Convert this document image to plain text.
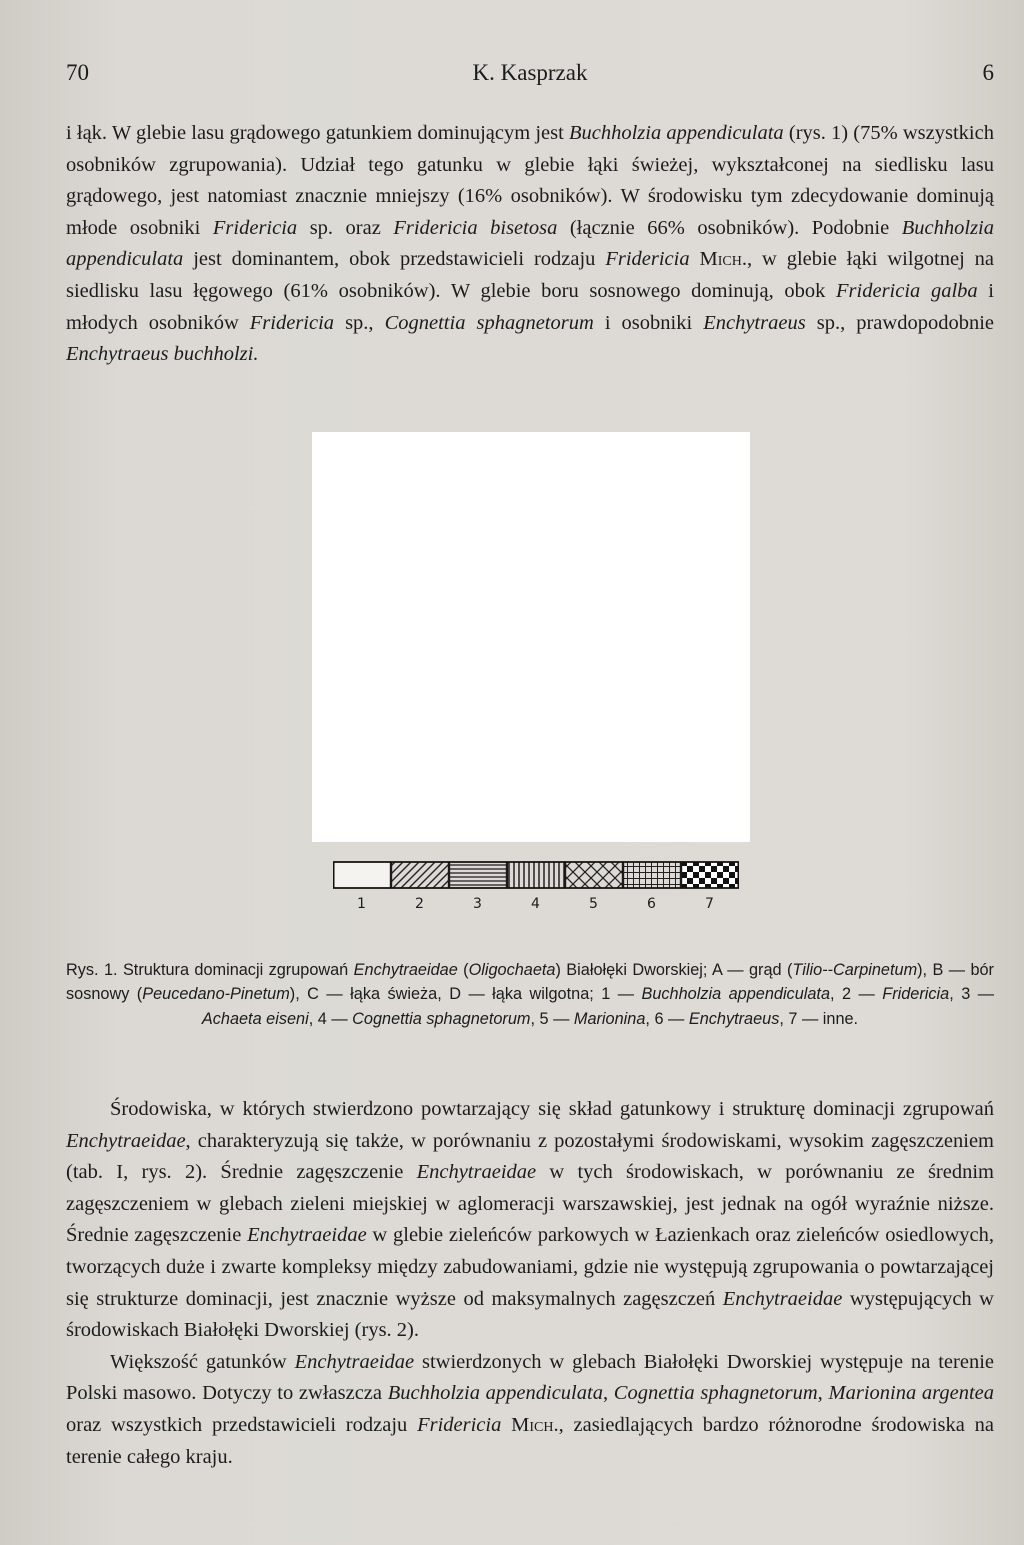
70	K. Kasprzak	6

i łąk. W glebie lasu grądowego gatunkiem dominującym jest Buchholzia appendiculata (rys. 1) (75% wszystkich osobników zgrupowania). Udział tego gatunku w glebie łąki świeżej, wykształconej na siedlisku lasu grądowego, jest natomiast znacznie mniejszy (16% osobników). W środowisku tym zdecydowanie dominują młode osobniki Fridericia sp. oraz Fridericia bisetosa (łącznie 66% osobników). Podobnie Buchholzia appendiculata jest dominantem, obok przedstawicieli rodzaju Fridericia Mich., w glebie łąki wilgotnej na siedlisku lasu łęgowego (61% osobników). W glebie boru sosnowego dominują, obok Fridericia galba i młodych osobników Fridericia sp., Cognettia sphagnetorum i osobniki Enchytraeus sp., prawdopodobnie Enchytraeus buchholzi.

1	2	3	4	5	6	7
Rys. 1. Struktura dominacji zgrupowań Enchytraeidae (Oligochaeta) Białołęki Dworskiej; A — grąd (Tilio--Carpinetum), B — bór sosnowy (Peucedano-Pinetum), C — łąka świeża, D — łąka wilgotna; 1 — Buchholzia appendiculata, 2 — Fridericia, 3 — Achaeta eiseni, 4 — Cognettia sphagnetorum, 5 — Marionina, 6 — Enchytraeus, 7 — inne.

Środowiska, w których stwierdzono powtarzający się skład gatunkowy i strukturę dominacji zgrupowań Enchytraeidae, charakteryzują się także, w porównaniu z pozostałymi środowiskami, wysokim zagęszczeniem (tab. I, rys. 2). Średnie zagęszczenie Enchytraeidae w tych środowiskach, w porównaniu ze średnim zagęszczeniem w glebach zieleni miejskiej w aglomeracji warszawskiej, jest jednak na ogół wyraźnie niższe. Średnie zagęszczenie Enchytraeidae w glebie zieleńców parkowych w Łazienkach oraz zieleńców osiedlowych, tworzących duże i zwarte kompleksy między zabudowaniami, gdzie nie występują zgrupowania o powtarzającej się strukturze dominacji, jest znacznie wyższe od maksymalnych zagęszczeń Enchytraeidae występujących w środowiskach Białołęki Dworskiej (rys. 2).

Większość gatunków Enchytraeidae stwierdzonych w glebach Białołęki Dworskiej występuje na terenie Polski masowo. Dotyczy to zwłaszcza Buchholzia appendiculata, Cognettia sphagnetorum, Marionina argentea oraz wszystkich przedstawicieli rodzaju Fridericia Mich., zasiedlających bardzo różnorodne środowiska na terenie całego kraju.
